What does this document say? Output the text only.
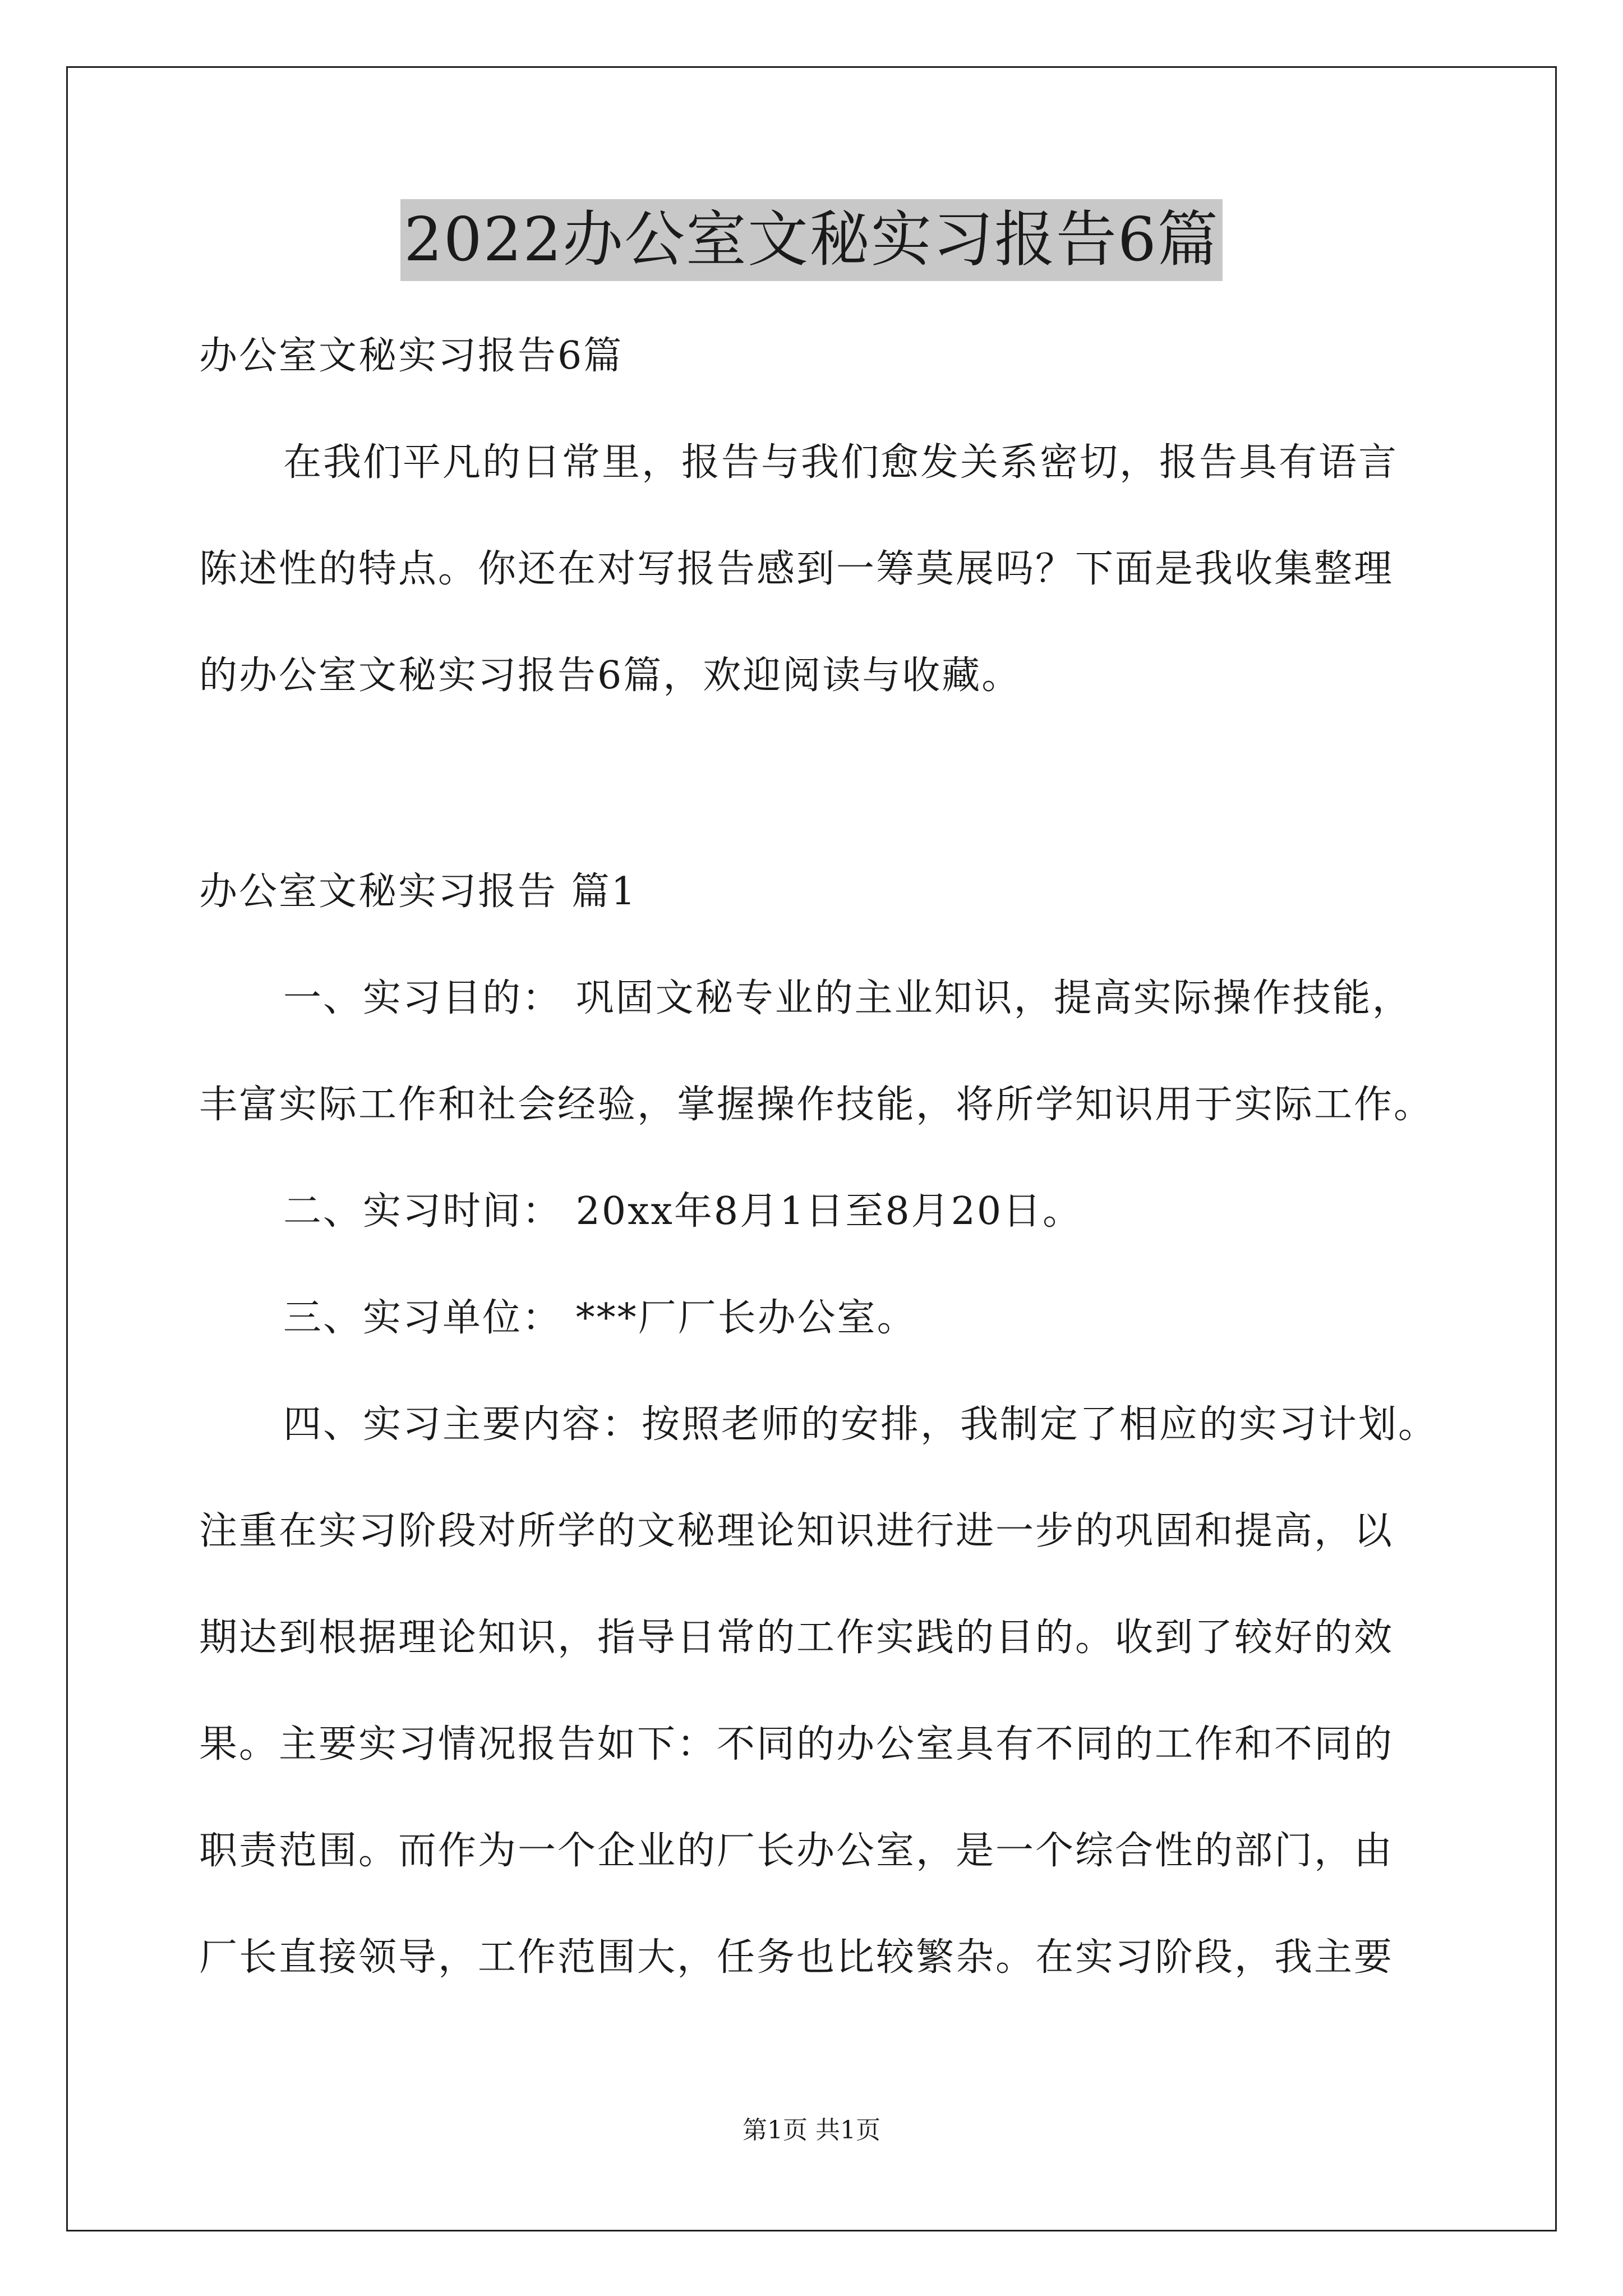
2022办公室文秘实习报告6篇
办公室文秘实习报告6篇
在我们平凡的日常里，报告与我们愈发关系密切，报告具有语言
陈述性的特点。你还在对写报告感到一筹莫展吗？下面是我收集整理
的办公室文秘实习报告6篇，欢迎阅读与收藏。
办公室文秘实习报告 篇1
一、实习目的： 巩固文秘专业的主业知识，提高实际操作技能，
丰富实际工作和社会经验，掌握操作技能，将所学知识用于实际工作。
二、实习时间： 20xx年8月1日至8月20日。
三、实习单位： ***厂厂长办公室。
四、实习主要内容：按照老师的安排，我制定了相应的实习计划。
注重在实习阶段对所学的文秘理论知识进行进一步的巩固和提高，以
期达到根据理论知识，指导日常的工作实践的目的。收到了较好的效
果。主要实习情况报告如下：不同的办公室具有不同的工作和不同的
职责范围。而作为一个企业的厂长办公室，是一个综合性的部门，由
厂长直接领导，工作范围大，任务也比较繁杂。在实习阶段，我主要
第1页 共1页
